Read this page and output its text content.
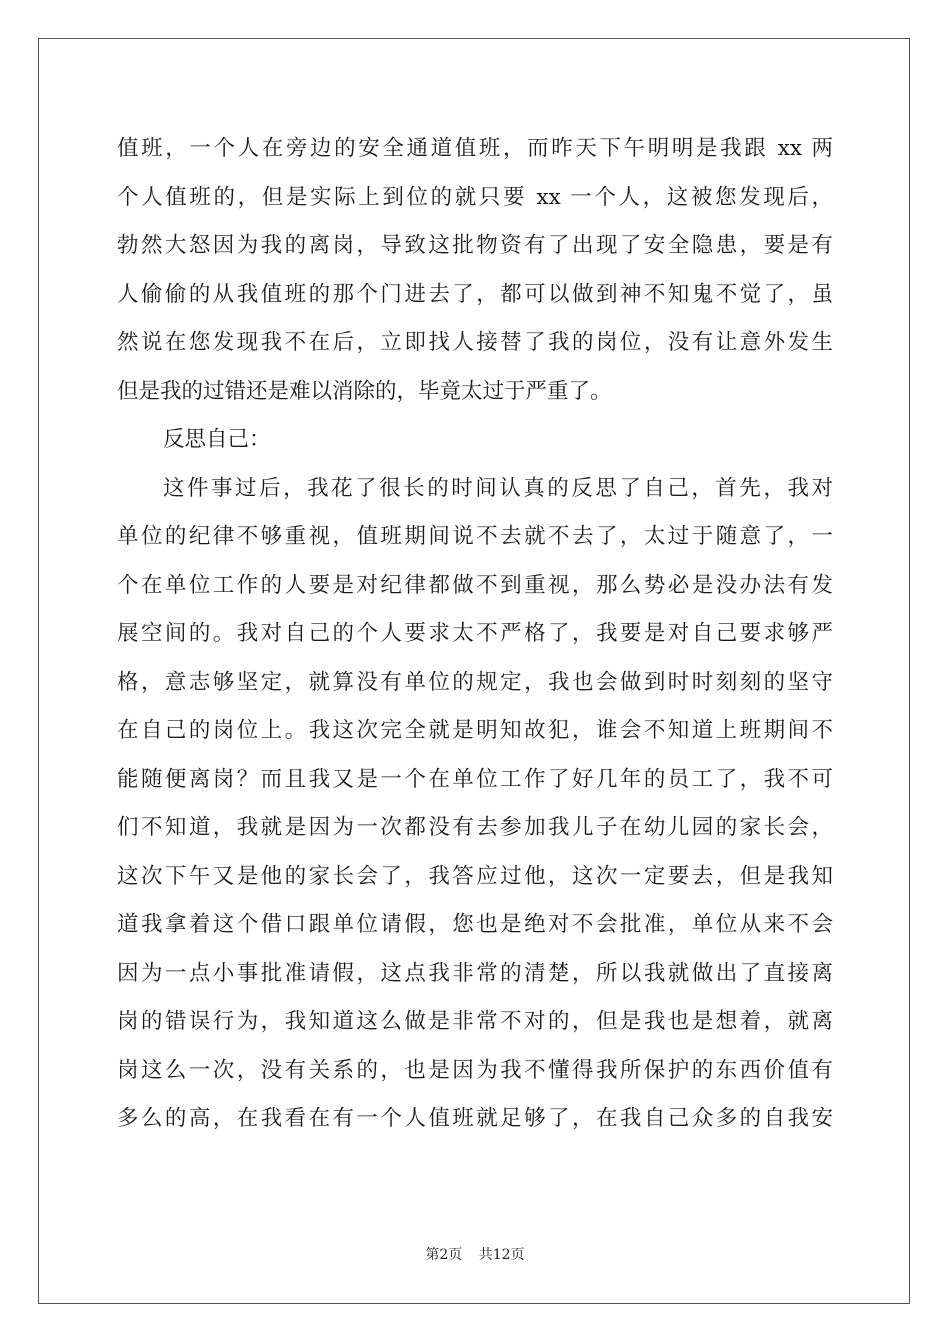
值班，一个人在旁边的安全通道值班，而昨天下午明明是我跟 xx 两
个人值班的，但是实际上到位的就只要 xx 一个人，这被您发现后，
勃然大怒因为我的离岗，导致这批物资有了出现了安全隐患，要是有
人偷偷的从我值班的那个门进去了，都可以做到神不知鬼不觉了，虽
然说在您发现我不在后，立即找人接替了我的岗位，没有让意外发生
但是我的过错还是难以消除的，毕竟太过于严重了。
反思自己：
这件事过后，我花了很长的时间认真的反思了自己，首先，我对
单位的纪律不够重视，值班期间说不去就不去了，太过于随意了，一
个在单位工作的人要是对纪律都做不到重视，那么势必是没办法有发
展空间的。我对自己的个人要求太不严格了，我要是对自己要求够严
格，意志够坚定，就算没有单位的规定，我也会做到时时刻刻的坚守
在自己的岗位上。我这次完全就是明知故犯，谁会不知道上班期间不
能随便离岗？而且我又是一个在单位工作了好几年的员工了，我不可
们不知道，我就是因为一次都没有去参加我儿子在幼儿园的家长会，
这次下午又是他的家长会了，我答应过他，这次一定要去，但是我知
道我拿着这个借口跟单位请假，您也是绝对不会批准，单位从来不会
因为一点小事批准请假，这点我非常的清楚，所以我就做出了直接离
岗的错误行为，我知道这么做是非常不对的，但是我也是想着，就离
岗这么一次，没有关系的，也是因为我不懂得我所保护的东西价值有
多么的高，在我看在有一个人值班就足够了，在我自己众多的自我安
第2页 共12页
